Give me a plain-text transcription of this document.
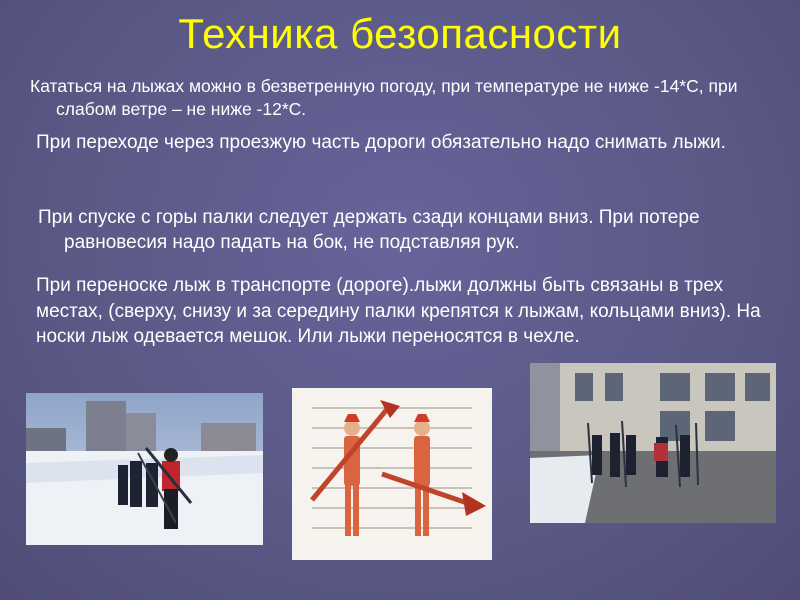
Техника безопасности
Кататься на лыжах можно в безветренную погоду, при температуре не ниже -14*С, при слабом ветре – не ниже -12*С.
При переходе через проезжую часть дороги обязательно надо снимать лыжи.
При спуске с горы палки следует держать сзади концами вниз. При потере равновесия надо падать на бок, не подставляя рук.
При переноске лыж в транспорте (дороге).лыжи должны быть связаны в трех местах, (сверху, снизу и за середину палки крепятся к лыжам, кольцами вниз). На носки лыж одевается мешок. Или лыжи переносятся в чехле.
